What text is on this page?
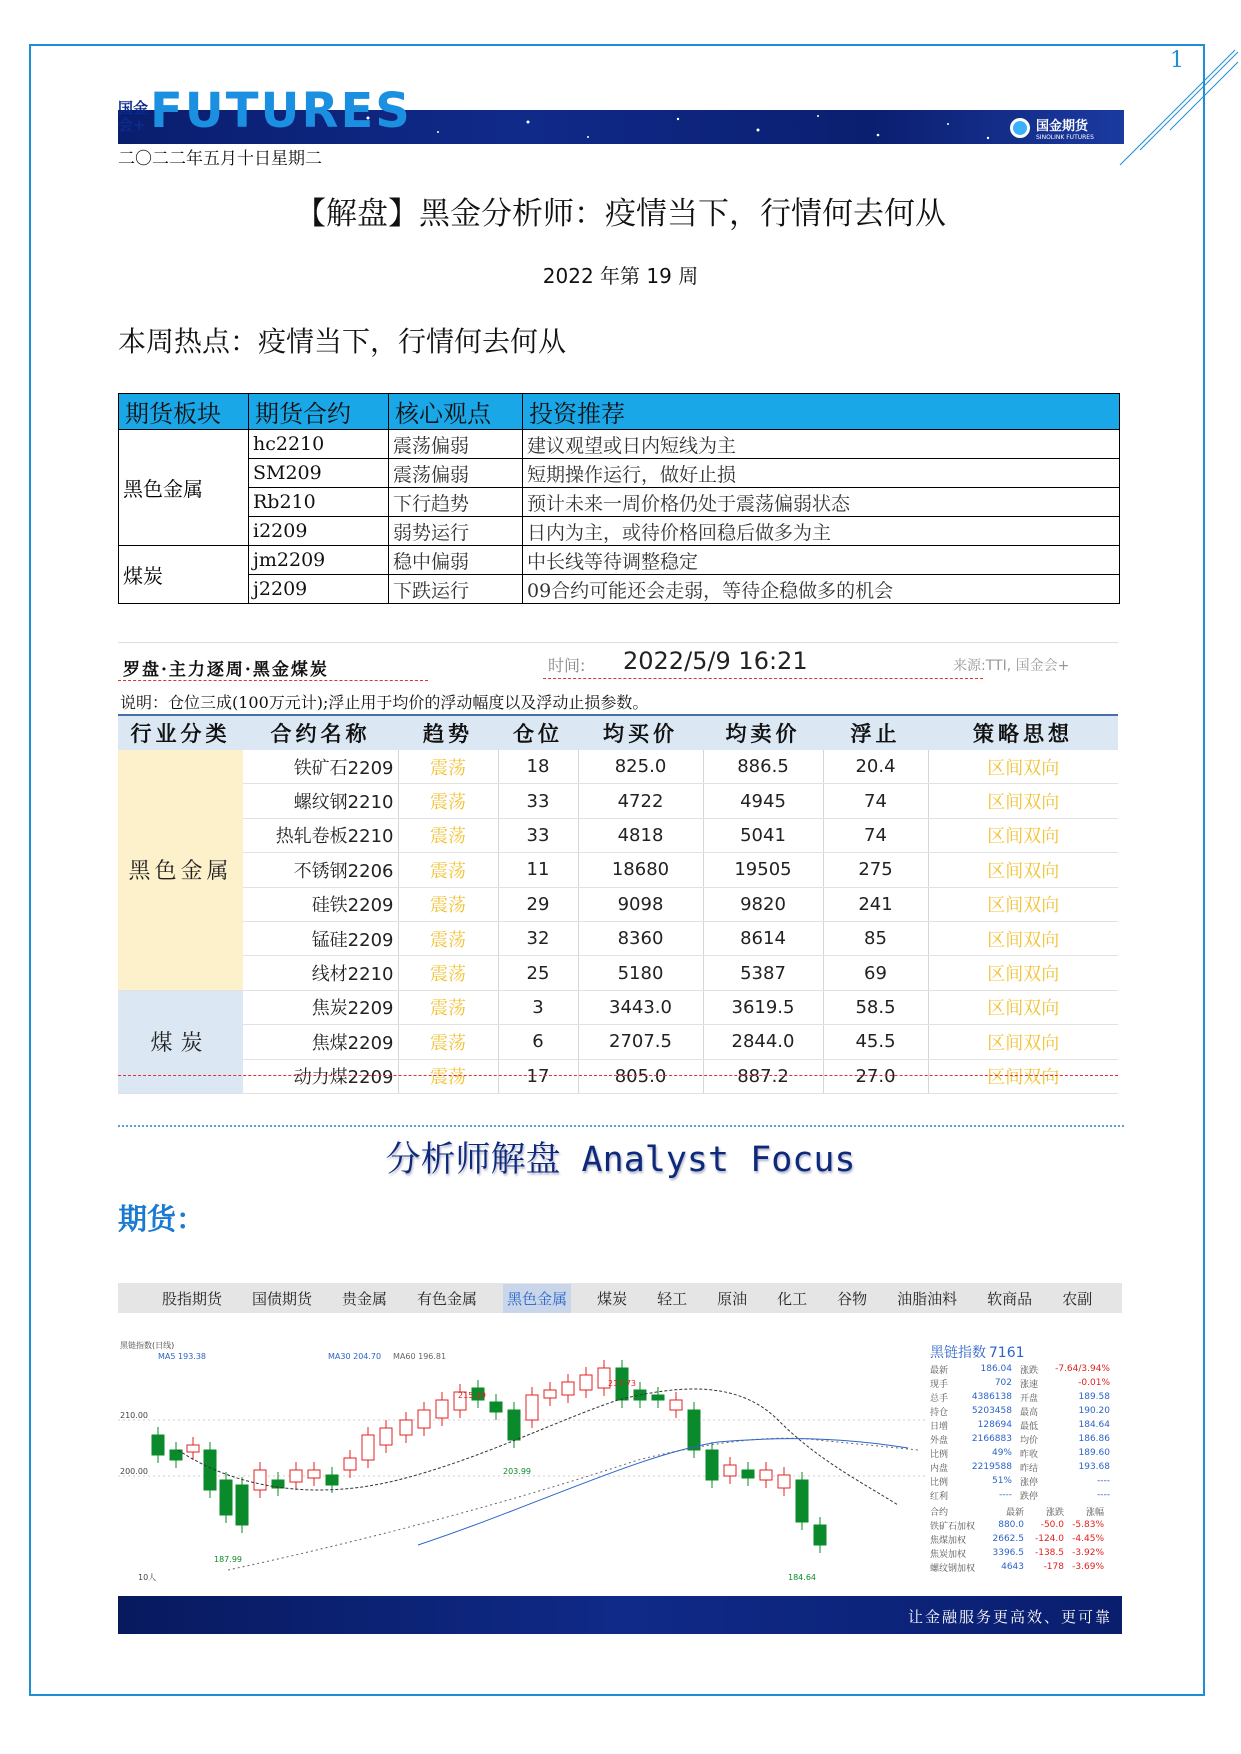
1
国金
会+ FUTURES	国金期货
SINOLINK FUTURES
二〇二二年五月十日星期二
【解盘】黑金分析师：疫情当下，行情何去何从
2022 年第 19 周
本周热点：疫情当下，行情何去何从
期货板块	期货合约	核心观点	投资推荐
黑色金属	hc2210	震荡偏弱	建议观望或日内短线为主
	SM209	震荡偏弱	短期操作运行，做好止损
	Rb210	下行趋势	预计未来一周价格仍处于震荡偏弱状态
	i2209	弱势运行	日内为主，或待价格回稳后做多为主
煤炭	jm2209	稳中偏弱	中长线等待调整稳定
	j2209	下跌运行	09合约可能还会走弱，等待企稳做多的机会
罗盘·主力逐周·黑金煤炭	时间: 2022/5/9 16:21	来源:TTI, 国金会+
说明：仓位三成(100万元计);浮止用于均价的浮动幅度以及浮动止损参数。
行业分类	合约名称	趋势	仓位	均买价	均卖价	浮止	策略思想
黑色金属	铁矿石2209	震荡	18	825.0	886.5	20.4	区间双向
	螺纹钢2210	震荡	33	4722	4945	74	区间双向
	热轧卷板2210	震荡	33	4818	5041	74	区间双向
	不锈钢2206	震荡	11	18680	19505	275	区间双向
	硅铁2209	震荡	29	9098	9820	241	区间双向
	锰硅2209	震荡	32	8360	8614	85	区间双向
	线材2210	震荡	25	5180	5387	69	区间双向
煤炭	焦炭2209	震荡	3	3443.0	3619.5	58.5	区间双向
	焦煤2209	震荡	6	2707.5	2844.0	45.5	区间双向
	动力煤2209	震荡	17	805.0	887.2	27.0	区间双向
分析师解盘 Analyst Focus
期货：
股指期货 国债期货 贵金属 有色金属 黑色金属 煤炭 轻工 原油 化工 谷物 油脂油料 软商品 农副
黑链指数(日线)
MA5 193.38	MA30 204.70 MA60 196.81
210.00
200.00
10人
215.19
217.73
203.99
187.99
184.64
黑链指数 7161
最新	186.04 涨跌	-7.64/3.94%
现手	702 涨速	-0.01%
总手	4386138 开盘	189.58
持仓	5203458 最高	190.20
日增	128694 最低	184.64
外盘	2166883 均价	186.86
比例	49% 昨收	189.60
内盘	2219588 昨结	193.68
比例	51% 涨停	----
红利	---- 跌停	----
合约	最新	涨跌	涨幅
铁矿石加权	880.0	-50.0 -5.83%
焦煤加权	2662.5	-124.0 -4.45%
焦炭加权	3396.5	-138.5 -3.92%
螺纹钢加权	4643	-178 -3.69%
让金融服务更高效、更可靠
